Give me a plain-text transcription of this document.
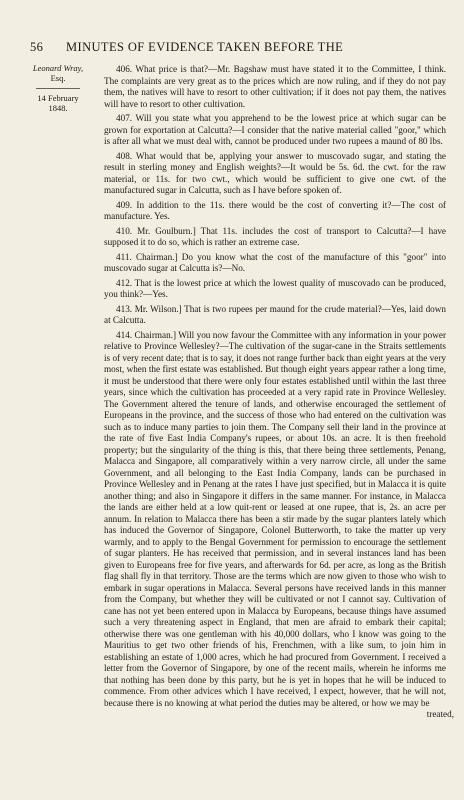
56 MINUTES OF EVIDENCE TAKEN BEFORE THE
Leonard Wray,
Esq.
14 February 1848.

406. What price is that?—Mr. Bagshaw must have stated it to the Committee, I think. The complaints are very great as to the prices which are now ruling, and if they do not pay them, the natives will have to resort to other cultivation; if it does not pay them, the natives will have to resort to other cultivation.

407. Will you state what you apprehend to be the lowest price at which sugar can be grown for exportation at Calcutta?—I consider that the native material called "goor," which is after all what we must deal with, cannot be produced under two rupees a maund of 80 lbs.

408. What would that be, applying your answer to muscovado sugar, and stating the result in sterling money and English weights?—It would be 5s. 6d. the cwt. for the raw material, or 11s. for two cwt., which would be sufficient to give one cwt. of the manufactured sugar in Calcutta, such as I have before spoken of.

409. In addition to the 11s. there would be the cost of converting it?—The cost of manufacture. Yes.

410. Mr. Goulburn.] That 11s. includes the cost of transport to Calcutta?—I have supposed it to do so, which is rather an extreme case.

411. Chairman.] Do you know what the cost of the manufacture of this "goor" into muscovado sugar at Calcutta is?—No.

412. That is the lowest price at which the lowest quality of muscovado can be produced, you think?—Yes.

413. Mr. Wilson.] That is two rupees per maund for the crude material?—Yes, laid down at Calcutta.

414. Chairman.] Will you now favour the Committee with any information in your power relative to Province Wellesley?—The cultivation of the sugar-cane in the Straits settlements is of very recent date; that is to say, it does not range further back than eight years at the very most, when the first estate was established. But though eight years appear rather a long time, it must be understood that there were only four estates established until within the last three years, since which the cultivation has proceeded at a very rapid rate in Province Wellesley. The Government altered the tenure of lands, and otherwise encouraged the settlement of Europeans in the province, and the success of those who had entered on the cultivation was such as to induce many parties to join them. The Company sell their land in the province at the rate of five East India Company's rupees, or about 10s. an acre. It is then freehold property; but the singularity of the thing is this, that there being three settlements, Penang, Malacca and Singapore, all comparatively within a very narrow circle, all under the same Government, and all belonging to the East India Company, lands can be purchased in Province Wellesley and in Penang at the rates I have just specified, but in Malacca it is quite another thing; and also in Singapore it differs in the same manner. For instance, in Malacca the lands are either held at a low quit-rent or leased at one rupee, that is, 2s. an acre per annum. In relation to Malacca there has been a stir made by the sugar planters lately which has induced the Governor of Singapore, Colonel Butterworth, to take the matter up very warmly, and to apply to the Bengal Government for permission to encourage the settlement of sugar planters. He has received that permission, and in several instances land has been given to Europeans free for five years, and afterwards for 6d. per acre, as long as the British flag shall fly in that territory. Those are the terms which are now given to those who wish to embark in sugar operations in Malacca. Several persons have received lands in this manner from the Company, but whether they will be cultivated or not I cannot say. Cultivation of cane has not yet been entered upon in Malacca by Europeans, because things have assumed such a very threatening aspect in England, that men are afraid to embark their capital; otherwise there was one gentleman with his 40,000 dollars, who I know was going to the Mauritius to get two other friends of his, Frenchmen, with a like sum, to join him in establishing an estate of 1,000 acres, which he had procured from Government. I received a letter from the Governor of Singapore, by one of the recent mails, wherein he informs me that nothing has been done by this party, but he is yet in hopes that he will be induced to commence. From other advices which I have received, I expect, however, that he will not, because there is no knowing at what period the duties may be altered, or how we may be

treated,
